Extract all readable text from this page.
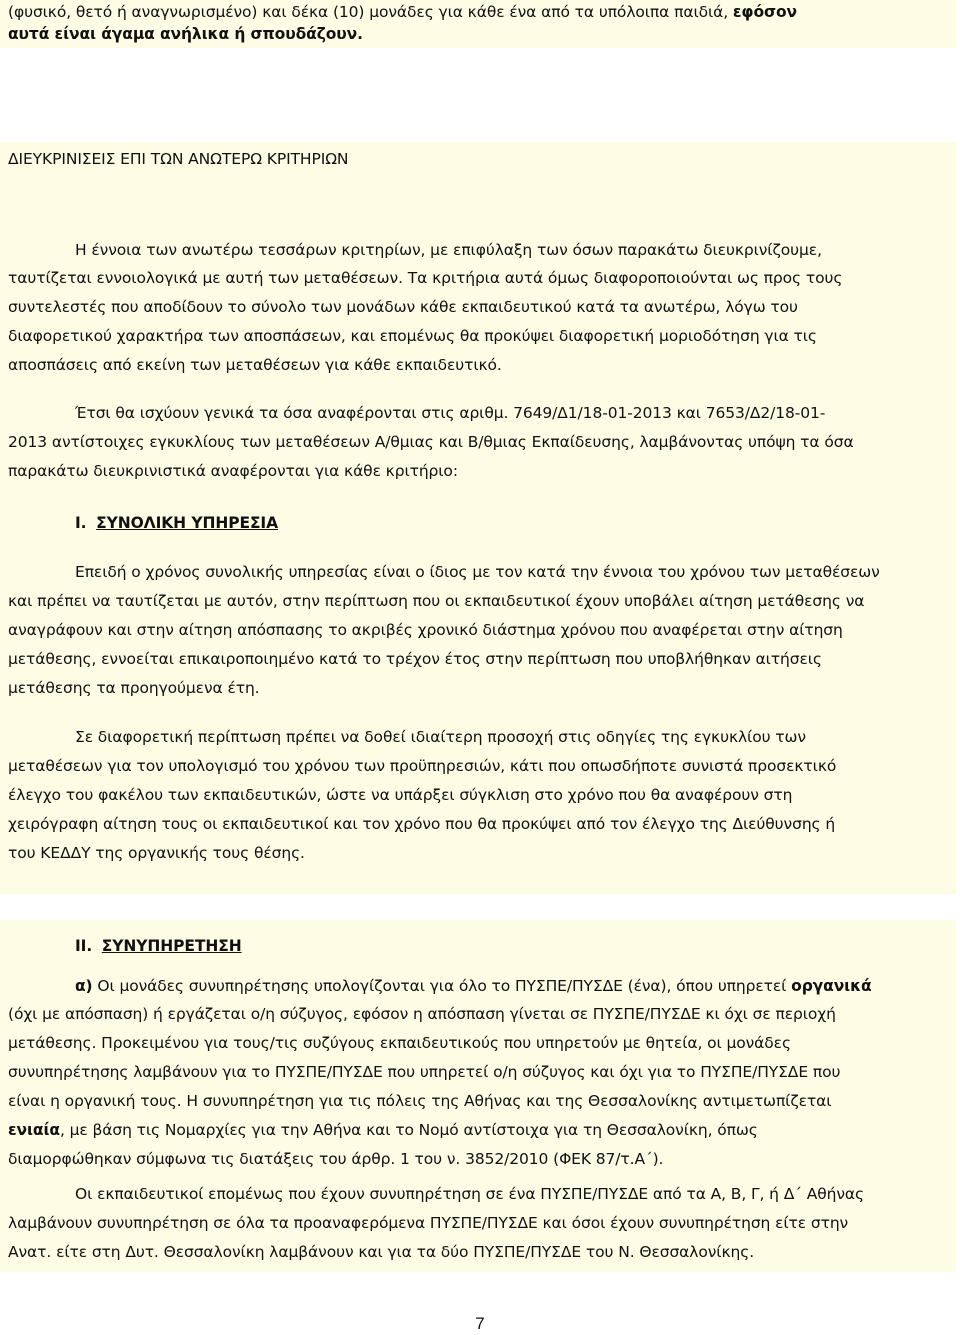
(φυσικό, θετό ή αναγνωρισμένο) και δέκα (10) μονάδες για κάθε ένα από τα υπόλοιπα παιδιά, εφόσον
αυτά είναι άγαμα ανήλικα ή σπουδάζουν.
ΔΙΕΥΚΡΙΝΙΣΕΙΣ ΕΠΙ ΤΩΝ ΑΝΩΤΕΡΩ ΚΡΙΤΗΡΙΩΝ
Η έννοια των ανωτέρω τεσσάρων κριτηρίων, με επιφύλαξη των όσων παρακάτω διευκρινίζουμε,
ταυτίζεται εννοιολογικά με αυτή των μεταθέσεων. Τα κριτήρια αυτά όμως διαφοροποιούνται ως προς τους
συντελεστές που αποδίδουν το σύνολο των μονάδων κάθε εκπαιδευτικού κατά τα ανωτέρω, λόγω του
διαφορετικού χαρακτήρα των αποσπάσεων, και επομένως θα προκύψει διαφορετική μοριοδότηση για τις
αποσπάσεις από εκείνη των μεταθέσεων για κάθε εκπαιδευτικό.
Έτσι θα ισχύουν γενικά τα όσα αναφέρονται στις αριθμ. 7649/Δ1/18-01-2013 και 7653/Δ2/18-01-
2013 αντίστοιχες εγκυκλίους των μεταθέσεων Α/θμιας και Β/θμιας Εκπαίδευσης, λαμβάνοντας υπόψη τα όσα
παρακάτω διευκρινιστικά αναφέρονται για κάθε κριτήριο:
Ι. ΣΥΝΟΛΙΚΗ ΥΠΗΡΕΣΙΑ
Επειδή ο χρόνος συνολικής υπηρεσίας είναι ο ίδιος με τον κατά την έννοια του χρόνου των μεταθέσεων
και πρέπει να ταυτίζεται με αυτόν, στην περίπτωση που οι εκπαιδευτικοί έχουν υποβάλει αίτηση μετάθεσης να
αναγράφουν και στην αίτηση απόσπασης το ακριβές χρονικό διάστημα χρόνου που αναφέρεται στην αίτηση
μετάθεσης, εννοείται επικαιροποιημένο κατά το τρέχον έτος στην περίπτωση που υποβλήθηκαν αιτήσεις
μετάθεσης τα προηγούμενα έτη.
Σε διαφορετική περίπτωση πρέπει να δοθεί ιδιαίτερη προσοχή στις οδηγίες της εγκυκλίου των
μεταθέσεων για τον υπολογισμό του χρόνου των προϋπηρεσιών, κάτι που οπωσδήποτε συνιστά προσεκτικό
έλεγχο του φακέλου των εκπαιδευτικών, ώστε να υπάρξει σύγκλιση στο χρόνο που θα αναφέρουν στη
χειρόγραφη αίτηση τους οι εκπαιδευτικοί και τον χρόνο που θα προκύψει από τον έλεγχο της Διεύθυνσης ή
του ΚΕΔΔΥ της οργανικής τους θέσης.
ΙΙ. ΣΥΝΥΠΗΡΕΤΗΣΗ
α) Οι μονάδες συνυπηρέτησης υπολογίζονται για όλο το ΠΥΣΠΕ/ΠΥΣΔΕ (ένα), όπου υπηρετεί οργανικά
(όχι με απόσπαση) ή εργάζεται ο/η σύζυγος, εφόσον η απόσπαση γίνεται σε ΠΥΣΠΕ/ΠΥΣΔΕ κι όχι σε περιοχή
μετάθεσης. Προκειμένου για τους/τις συζύγους εκπαιδευτικούς που υπηρετούν με θητεία, οι μονάδες
συνυπηρέτησης λαμβάνουν για το ΠΥΣΠΕ/ΠΥΣΔΕ που υπηρετεί ο/η σύζυγος και όχι για το ΠΥΣΠΕ/ΠΥΣΔΕ που
είναι η οργανική τους. Η συνυπηρέτηση για τις πόλεις της Αθήνας και της Θεσσαλονίκης αντιμετωπίζεται
ενιαία, με βάση τις Νομαρχίες για την Αθήνα και το Νομό αντίστοιχα για τη Θεσσαλονίκη, όπως
διαμορφώθηκαν σύμφωνα τις διατάξεις του άρθρ. 1 του ν. 3852/2010 (ΦΕΚ 87/τ.Α΄).
Οι εκπαιδευτικοί επομένως που έχουν συνυπηρέτηση σε ένα ΠΥΣΠΕ/ΠΥΣΔΕ από τα Α, Β, Γ, ή Δ΄ Αθήνας
λαμβάνουν συνυπηρέτηση σε όλα τα προαναφερόμενα ΠΥΣΠΕ/ΠΥΣΔΕ και όσοι έχουν συνυπηρέτηση είτε στην
Ανατ. είτε στη Δυτ. Θεσσαλονίκη λαμβάνουν και για τα δύο ΠΥΣΠΕ/ΠΥΣΔΕ του Ν. Θεσσαλονίκης.
7
